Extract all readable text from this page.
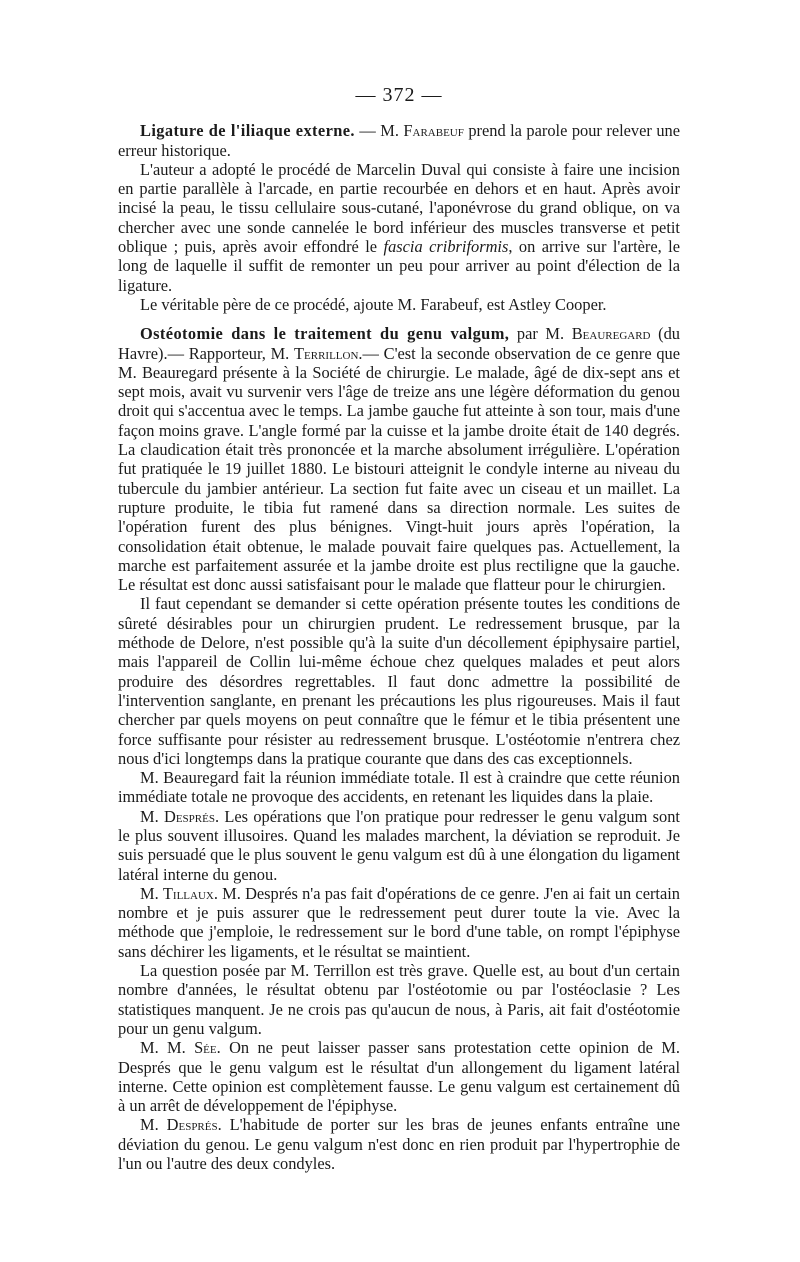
— 372 —

Ligature de l'iliaque externe. — M. Farabeuf prend la parole pour relever une erreur historique.

L'auteur a adopté le procédé de Marcelin Duval qui consiste à faire une incision en partie parallèle à l'arcade, en partie recourbée en dehors et en haut. Après avoir incisé la peau, le tissu cellulaire sous-cutané, l'aponévrose du grand oblique, on va chercher avec une sonde cannelée le bord inférieur des muscles transverse et petit oblique ; puis, après avoir effondré le fascia cribriformis, on arrive sur l'artère, le long de laquelle il suffit de remonter un peu pour arriver au point d'élection de la ligature.

Le véritable père de ce procédé, ajoute M. Farabeuf, est Astley Cooper.

Ostéotomie dans le traitement du genu valgum, par M. Beauregard (du Havre).— Rapporteur, M. Terrillon.— C'est la seconde observation de ce genre que M. Beauregard présente à la Société de chirurgie. Le malade, âgé de dix-sept ans et sept mois, avait vu survenir vers l'âge de treize ans une légère déformation du genou droit qui s'accentua avec le temps. La jambe gauche fut atteinte à son tour, mais d'une façon moins grave. L'angle formé par la cuisse et la jambe droite était de 140 degrés. La claudication était très prononcée et la marche absolument irrégulière. L'opération fut pratiquée le 19 juillet 1880. Le bistouri atteignit le condyle interne au niveau du tubercule du jambier antérieur. La section fut faite avec un ciseau et un maillet. La rupture produite, le tibia fut ramené dans sa direction normale. Les suites de l'opération furent des plus bénignes. Vingt-huit jours après l'opération, la consolidation était obtenue, le malade pouvait faire quelques pas. Actuellement, la marche est parfaitement assurée et la jambe droite est plus rectiligne que la gauche. Le résultat est donc aussi satisfaisant pour le malade que flatteur pour le chirurgien.

Il faut cependant se demander si cette opération présente toutes les conditions de sûreté désirables pour un chirurgien prudent. Le redressement brusque, par la méthode de Delore, n'est possible qu'à la suite d'un décollement épiphysaire partiel, mais l'appareil de Collin lui-même échoue chez quelques malades et peut alors produire des désordres regrettables. Il faut donc admettre la possibilité de l'intervention sanglante, en prenant les précautions les plus rigoureuses. Mais il faut chercher par quels moyens on peut connaître que le fémur et le tibia présentent une force suffisante pour résister au redressement brusque. L'ostéotomie n'entrera chez nous d'ici longtemps dans la pratique courante que dans des cas exceptionnels.

M. Beauregard fait la réunion immédiate totale. Il est à craindre que cette réunion immédiate totale ne provoque des accidents, en retenant les liquides dans la plaie.

M. Després. Les opérations que l'on pratique pour redresser le genu valgum sont le plus souvent illusoires. Quand les malades marchent, la déviation se reproduit. Je suis persuadé que le plus souvent le genu valgum est dû à une élongation du ligament latéral interne du genou.

M. Tillaux. M. Després n'a pas fait d'opérations de ce genre. J'en ai fait un certain nombre et je puis assurer que le redressement peut durer toute la vie. Avec la méthode que j'emploie, le redressement sur le bord d'une table, on rompt l'épiphyse sans déchirer les ligaments, et le résultat se maintient.

La question posée par M. Terrillon est très grave. Quelle est, au bout d'un certain nombre d'années, le résultat obtenu par l'ostéotomie ou par l'ostéoclasie ? Les statistiques manquent. Je ne crois pas qu'aucun de nous, à Paris, ait fait d'ostéotomie pour un genu valgum.

M. M. Sée. On ne peut laisser passer sans protestation cette opinion de M. Després que le genu valgum est le résultat d'un allongement du ligament latéral interne. Cette opinion est complètement fausse. Le genu valgum est certainement dû à un arrêt de développement de l'épiphyse.

M. Després. L'habitude de porter sur les bras de jeunes enfants entraîne une déviation du genou. Le genu valgum n'est donc en rien produit par l'hypertrophie de l'un ou l'autre des deux condyles.
